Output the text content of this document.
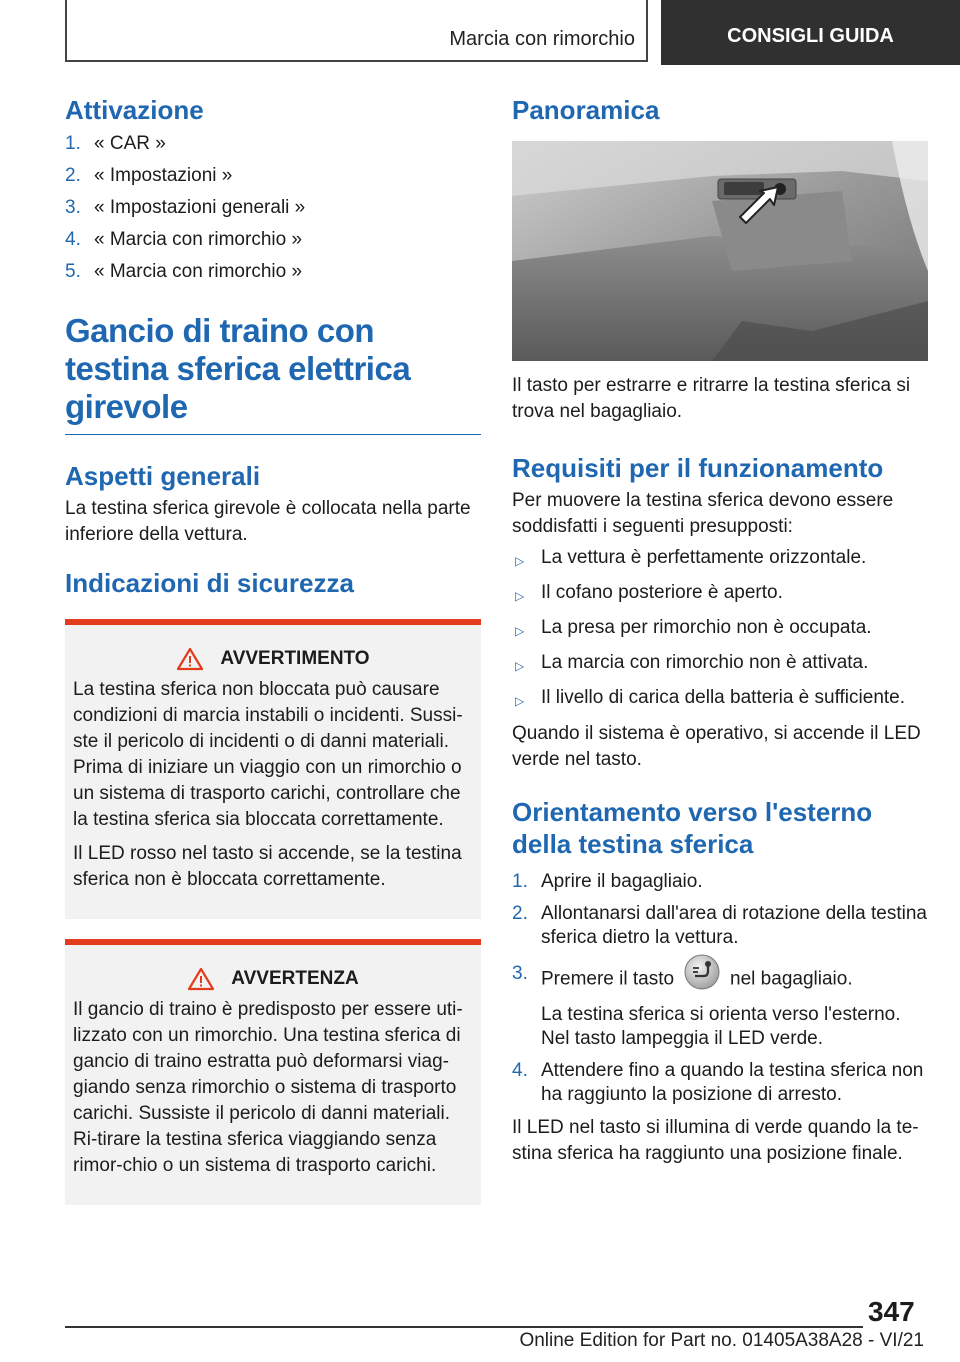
Marcia con rimorchio	CONSIGLI GUIDA
Attivazione
1. « CAR »
2. « Impostazioni »
3. « Impostazioni generali »
4. « Marcia con rimorchio »
5. « Marcia con rimorchio »
Gancio di traino con testina sferica elettrica girevole
Aspetti generali

La testina sferica girevole è collocata nella parte inferiore della vettura.

Indicazioni di sicurezza
AVVERTIMENTO

La testina sferica non bloccata può causare condizioni di marcia instabili o incidenti. Sussi-ste il pericolo di incidenti o di danni materiali. Prima di iniziare un viaggio con un rimorchio o un sistema di trasporto carichi, controllare che la testina sferica sia bloccata correttamente.

Il LED rosso nel tasto si accende, se la testina sferica non è bloccata correttamente.

AVVERTENZA

Il gancio di traino è predisposto per essere uti-lizzato con un rimorchio. Una testina sferica di gancio di traino estratta può deformarsi viag-giando senza rimorchio o sistema di trasporto carichi. Sussiste il pericolo di danni materiali. Ri-tirare la testina sferica viaggiando senza rimor-chio o un sistema di trasporto carichi.

Panoramica

Il tasto per estrarre e ritrarre la testina sferica si trova nel bagagliaio.

Requisiti per il funzionamento

Per muovere la testina sferica devono essere soddisfatti i seguenti presupposti:

▷ La vettura è perfettamente orizzontale.
▷ Il cofano posteriore è aperto.
▷ La presa per rimorchio non è occupata.
▷ La marcia con rimorchio non è attivata.
▷ Il livello di carica della batteria è sufficiente.

Quando il sistema è operativo, si accende il LED verde nel tasto.

Orientamento verso l'esterno della testina sferica
1. Aprire il bagagliaio.
2. Allontanarsi dall'area di rotazione della testina sferica dietro la vettura.
3. Premere il tasto	nel bagagliaio.
La testina sferica si orienta verso l'esterno. Nel tasto lampeggia il LED verde.
4. Attendere fino a quando la testina sferica non ha raggiunto la posizione di arresto.

Il LED nel tasto si illumina di verde quando la te-stina sferica ha raggiunto una posizione finale.

347
Online Edition for Part no. 01405A38A28 - VI/21
